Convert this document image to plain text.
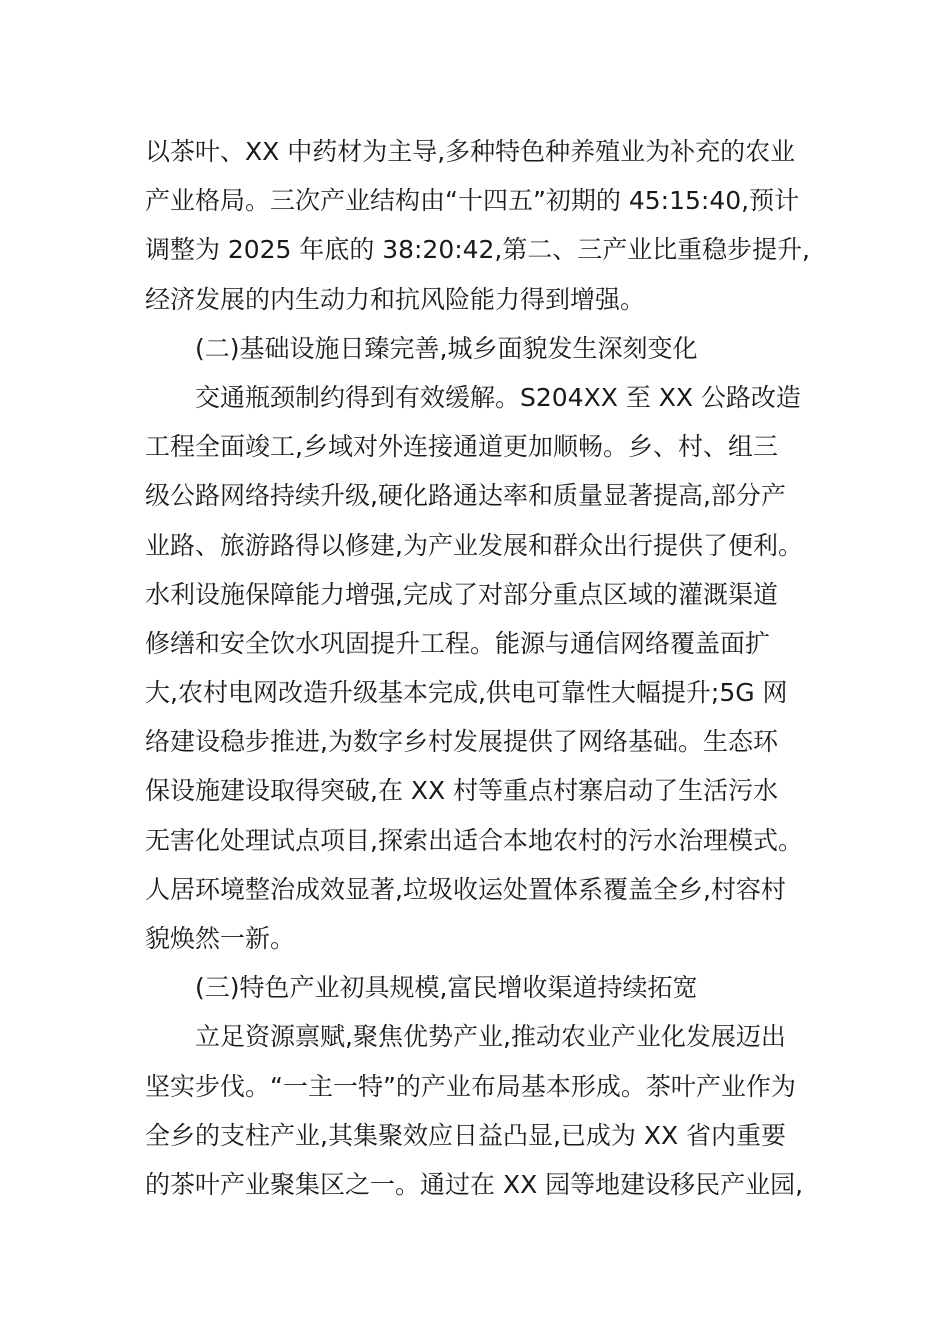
以茶叶、XX 中药材为主导,多种特色种养殖业为补充的农业
产业格局。三次产业结构由“十四五”初期的 45:15:40,预计
调整为 2025 年底的 38:20:42,第二、三产业比重稳步提升,
经济发展的内生动力和抗风险能力得到增强。
(二)基础设施日臻完善,城乡面貌发生深刻变化
交通瓶颈制约得到有效缓解。S204XX 至 XX 公路改造
工程全面竣工,乡域对外连接通道更加顺畅。乡、村、组三
级公路网络持续升级,硬化路通达率和质量显著提高,部分产
业路、旅游路得以修建,为产业发展和群众出行提供了便利。
水利设施保障能力增强,完成了对部分重点区域的灌溉渠道
修缮和安全饮水巩固提升工程。能源与通信网络覆盖面扩
大,农村电网改造升级基本完成,供电可靠性大幅提升;5G 网
络建设稳步推进,为数字乡村发展提供了网络基础。生态环
保设施建设取得突破,在 XX 村等重点村寨启动了生活污水
无害化处理试点项目,探索出适合本地农村的污水治理模式。
人居环境整治成效显著,垃圾收运处置体系覆盖全乡,村容村
貌焕然一新。
(三)特色产业初具规模,富民增收渠道持续拓宽
立足资源禀赋,聚焦优势产业,推动农业产业化发展迈出
坚实步伐。“一主一特”的产业布局基本形成。茶叶产业作为
全乡的支柱产业,其集聚效应日益凸显,已成为 XX 省内重要
的茶叶产业聚集区之一。通过在 XX 园等地建设移民产业园,
